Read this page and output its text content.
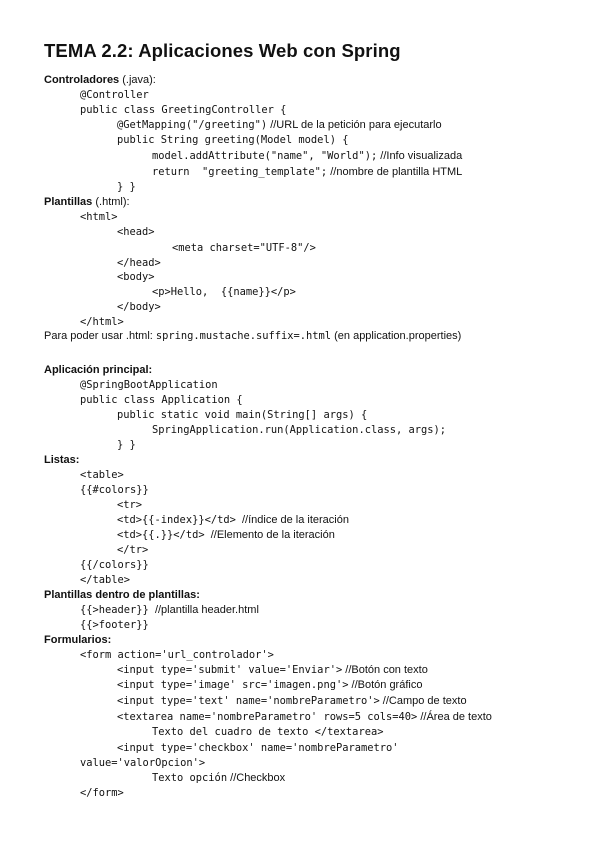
TEMA 2.2: Aplicaciones Web con Spring
Controladores (.java):
@Controller
public class GreetingController {
@GetMapping("/greeting") //URL de la petición para ejecutarlo
public String greeting(Model model) {
model.addAttribute("name", "World"); //Info visualizada
return  "greeting_template"; //nombre de plantilla HTML
} }
Plantillas (.html):
<html>
<head>
<meta charset="UTF-8"/>
</head>
<body>
<p>Hello,  {{name}}</p>
</body>
</html>
Para poder usar .html: spring.mustache.suffix=.html (en application.properties)
Aplicación principal:
@SpringBootApplication
public class Application {
public static void main(String[] args) {
SpringApplication.run(Application.class, args);
} }
Listas:
<table>
{{#colors}}
<tr>
<td>{{-index}}</td>  //índice de la iteración
<td>{{.}}</td>  //Elemento de la iteración
</tr>
{{/colors}}
</table>
Plantillas dentro de plantillas:
{{>header}}  //plantilla header.html
{{>footer}}
Formularios:
<form action='url_controlador'>
<input type='submit' value='Enviar'> //Botón con texto
<input type='image' src='imagen.png'> //Botón gráfico
<input type='text' name='nombreParametro'> //Campo de texto
<textarea name='nombreParametro' rows=5 cols=40> //Área de texto
Texto del cuadro de texto </textarea>
<input type='checkbox' name='nombreParametro'
value='valorOpcion'>
Texto opción //Checkbox
</form>
